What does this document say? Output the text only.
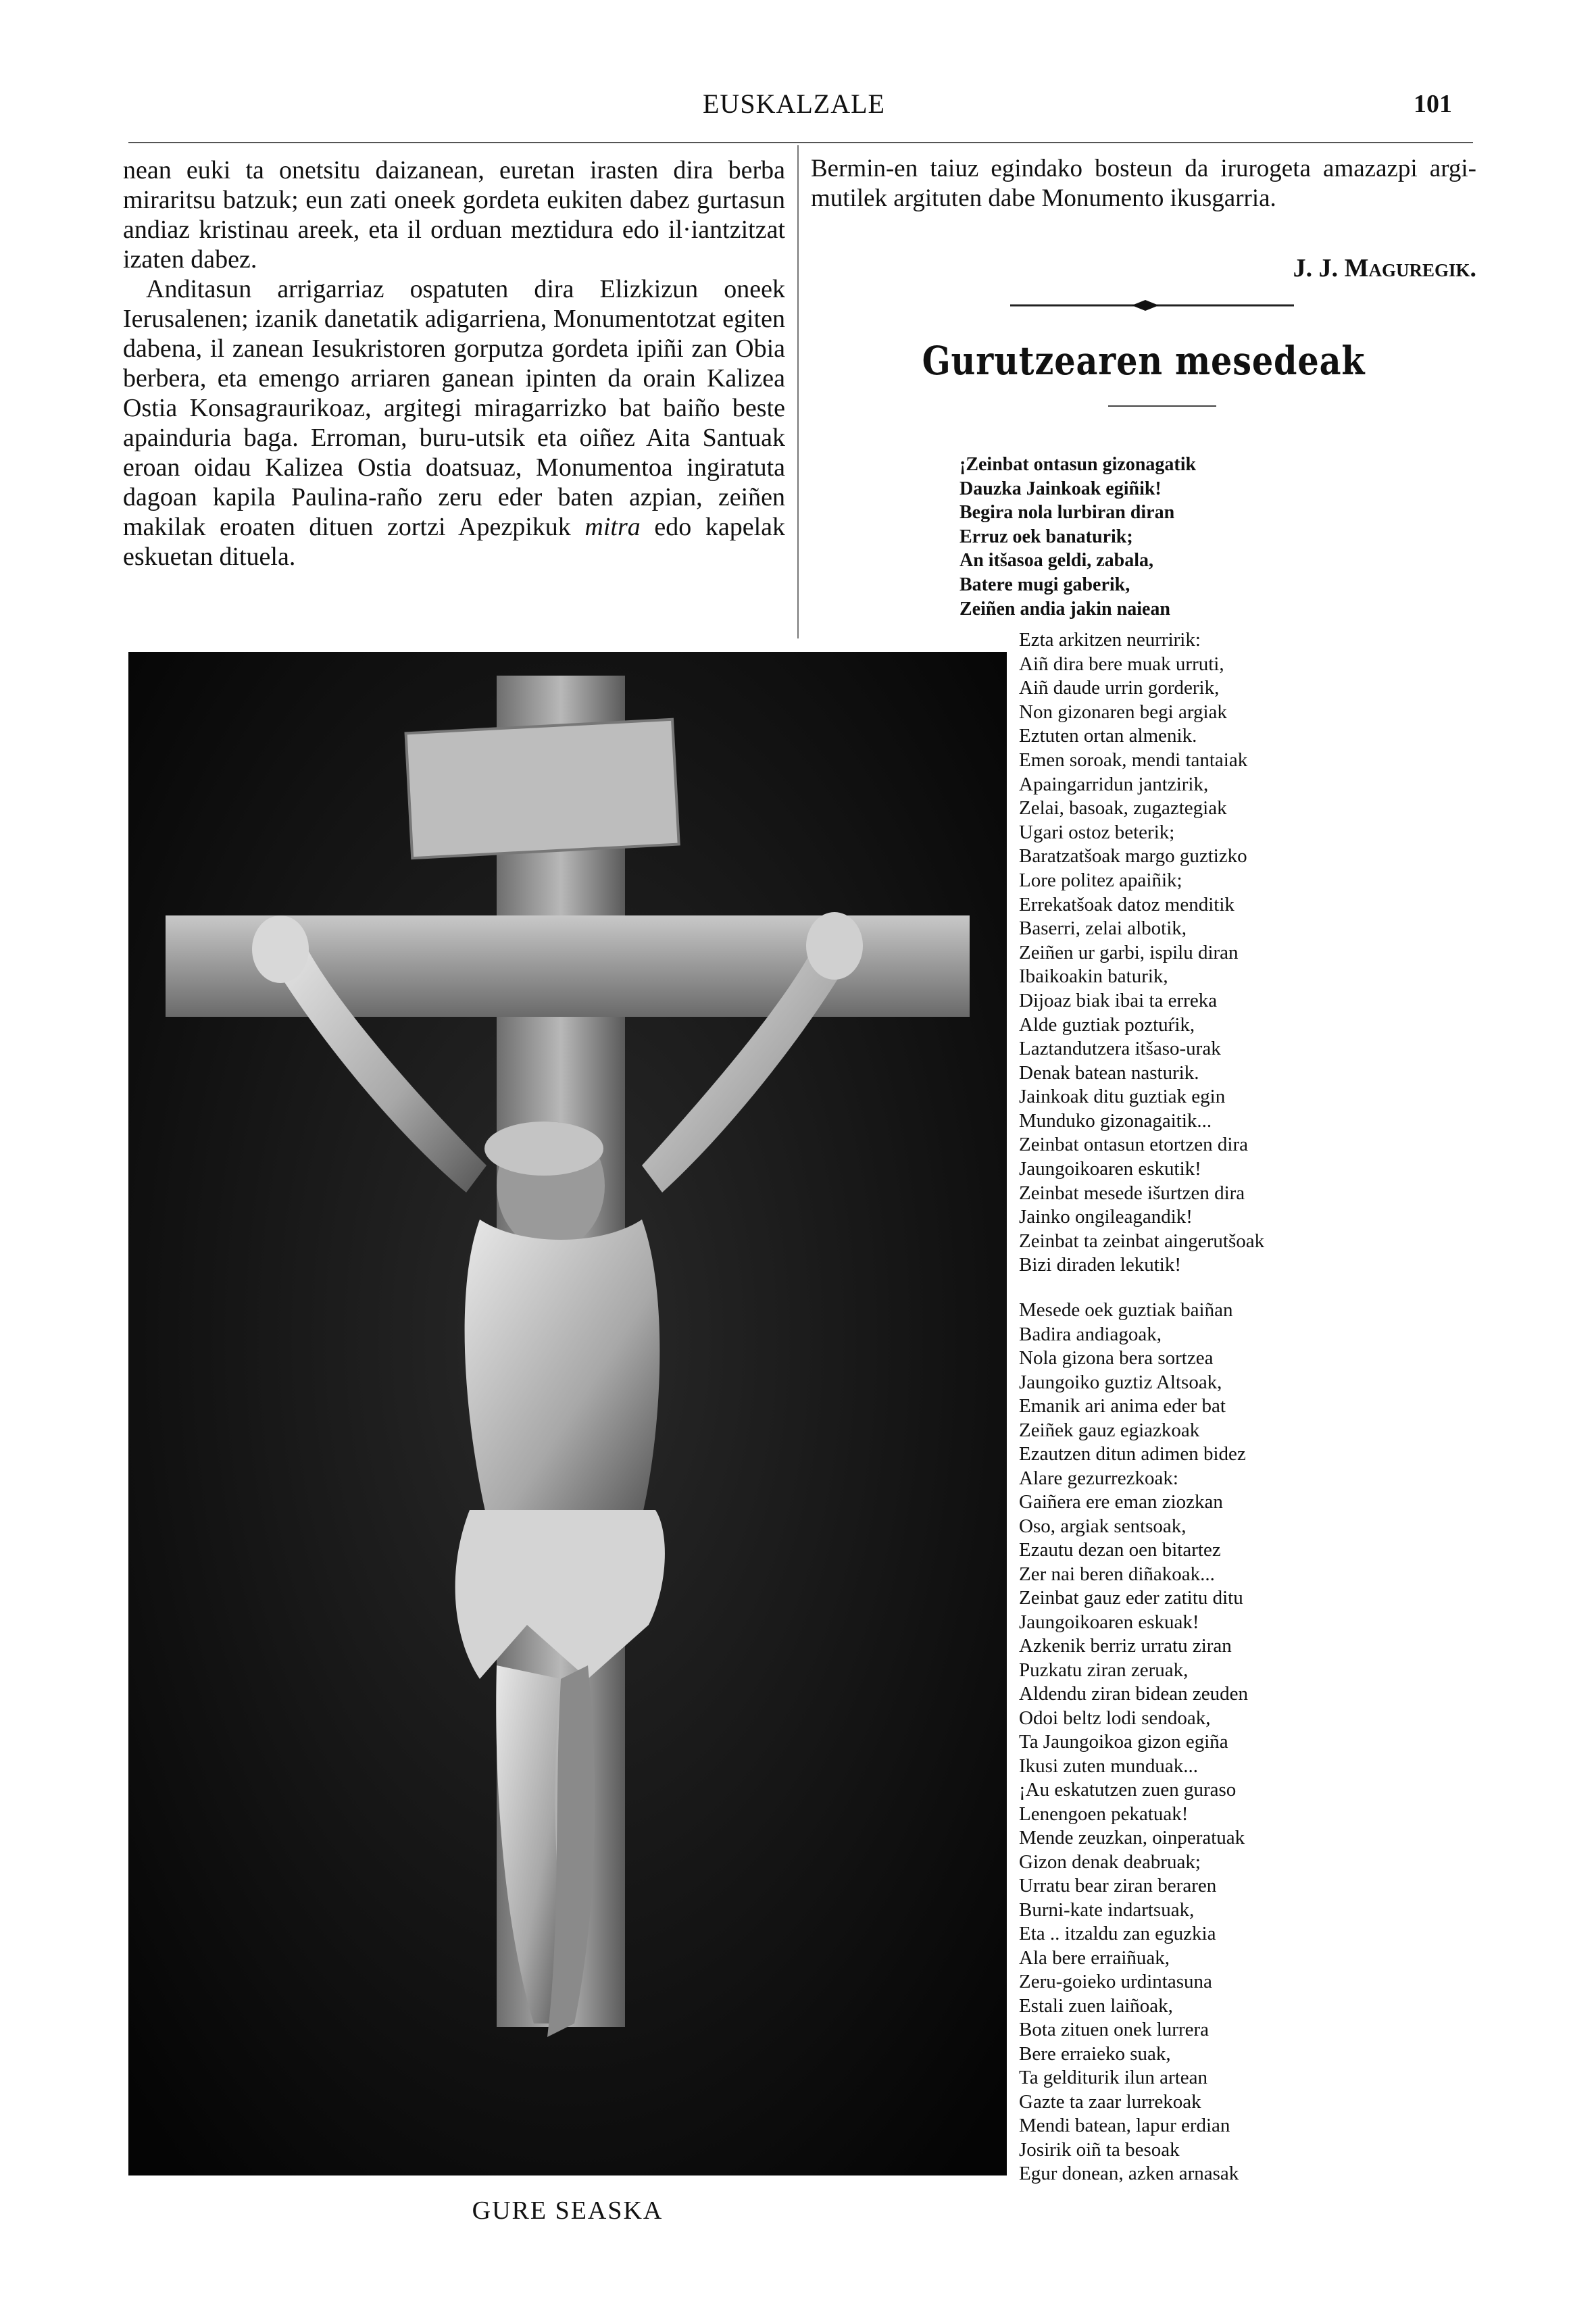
EUSKALZALE	101

nean euki ta onetsitu daizanean, euretan irasten dira berba miraritsu batzuk; eun zati oneek gordeta eukiten dabez gurtasun andiaz kristinau areek, eta il orduan meztidura edo il·iantzitzat izaten dabez.

Anditasun arrigarriaz ospatuten dira Elizkizun oneek Ierusalenen; izanik danetatik adigarriena, Monumentotzat egiten dabena, il zanean Iesukristoren gorputza gordeta ipiñi zan Obia berbera, eta emengo arriaren ganean ipinten da orain Kalizea Ostia Konsagraurikoaz, argitegi miragarrizko bat baiño beste apainduria baga. Erroman, buru-utsik eta oiñez Aita Santuak eroan oidau Kalizea Ostia doatsuaz, Monumentoa ingiratuta dagoan kapila Paulina-raño zeru eder baten azpian, zeiñen makilak eroaten dituen zortzi Apezpikuk mitra edo kapelak eskuetan dituela.

Bermin-en taiuz egindako bosteun da irurogeta amazazpi argi-mutilek argituten dabe Monumento ikusgarria.
J. J. Maguregik.
Gurutzearen mesedeak
¡Zeinbat ontasun gizonagatik
Dauzka Jainkoak egiñik!
Begira nola lurbiran diran
Erruz oek banaturik;
An itšasoa geldi, zabala,
Batere mugi gaberik,
Zeiñen andia jakin naiean
Ezta arkitzen neurririk:
Aiñ dira bere muak urruti,
Aiñ daude urrin gorderik,
Non gizonaren begi argiak
Eztuten ortan almenik.
Emen soroak, mendi tantaiak
Apaingarridun jantzirik,
Zelai, basoak, zugaztegiak
Ugari ostoz beterik;
Baratzatšoak margo guztizko
Lore politez apaiñik;
Errekatšoak datoz menditik
Baserri, zelai albotik,
Zeiñen ur garbi, ispilu diran
Ibaikoakin baturik,
Dijoaz biak ibai ta erreka
Alde guztiak poztuŕik,
Laztandutzera itšaso-urak
Denak batean nasturik.
Jainkoak ditu guztiak egin
Munduko gizonagaitik...
Zeinbat ontasun etortzen dira
Jaungoikoaren eskutik!
Zeinbat mesede išurtzen dira
Jainko ongileagandik!
Zeinbat ta zeinbat aingerutšoak
Bizi diraden lekutik!
Mesede oek guztiak baiñan
Badira andiagoak,
Nola gizona bera sortzea
Jaungoiko guztiz Altsoak,
Emanik ari anima eder bat
Zeiñek gauz egiazkoak
Ezautzen ditun adimen bidez
Alare gezurrezkoak:
Gaiñera ere eman ziozkan
Oso, argiak sentsoak,
Ezautu dezan oen bitartez
Zer nai beren diñakoak...
Zeinbat gauz eder zatitu ditu
Jaungoikoaren eskuak!
Azkenik berriz urratu ziran
Puzkatu ziran zeruak,
Aldendu ziran bidean zeuden
Odoi beltz lodi sendoak,
Ta Jaungoikoa gizon egiña
Ikusi zuten munduak...
¡Au eskatutzen zuen guraso
Lenengoen pekatuak!
Mende zeuzkan, oinperatuak
Gizon denak deabruak;
Urratu bear ziran beraren
Burni-kate indartsuak,
Eta .. itzaldu zan eguzkia
Ala bere erraiñuak,
Zeru-goieko urdintasuna
Estali zuen laiñoak,
Bota zituen onek lurrera
Bere erraieko suak,
Ta gelditurik ilun artean
Gazte ta zaar lurrekoak
Mendi batean, lapur erdian
Josirik oiñ ta besoak
Egur donean, azken arnasak
GURE SEASKA
